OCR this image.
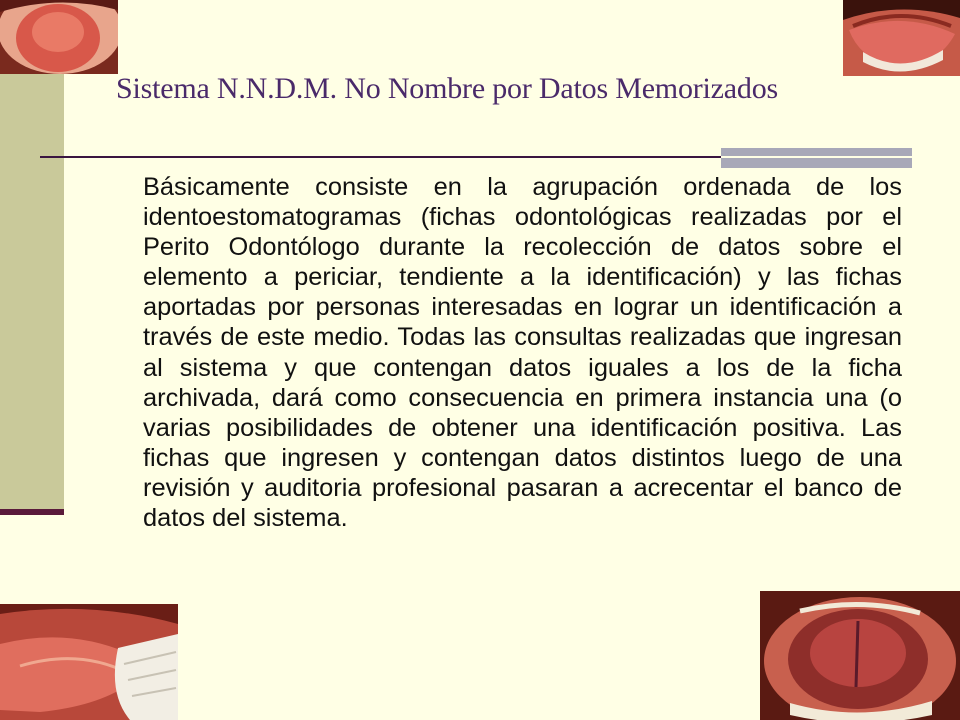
Sistema N.N.D.M. No Nombre por Datos Memorizados

Básicamente consiste en la agrupación ordenada de los identoestomatogramas (fichas odontológicas realizadas por el Perito Odontólogo durante la recolección de datos sobre el elemento a periciar, tendiente a la identificación) y las fichas aportadas por personas interesadas en lograr un identificación a través de este medio. Todas las consultas realizadas que ingresan al sistema y que contengan datos iguales a los de la ficha archivada, dará como consecuencia en primera instancia una (o varias posibilidades de obtener una identificación positiva. Las fichas que ingresen y contengan datos distintos luego de una revisión y auditoria profesional pasaran a acrecentar el banco de datos del sistema.
